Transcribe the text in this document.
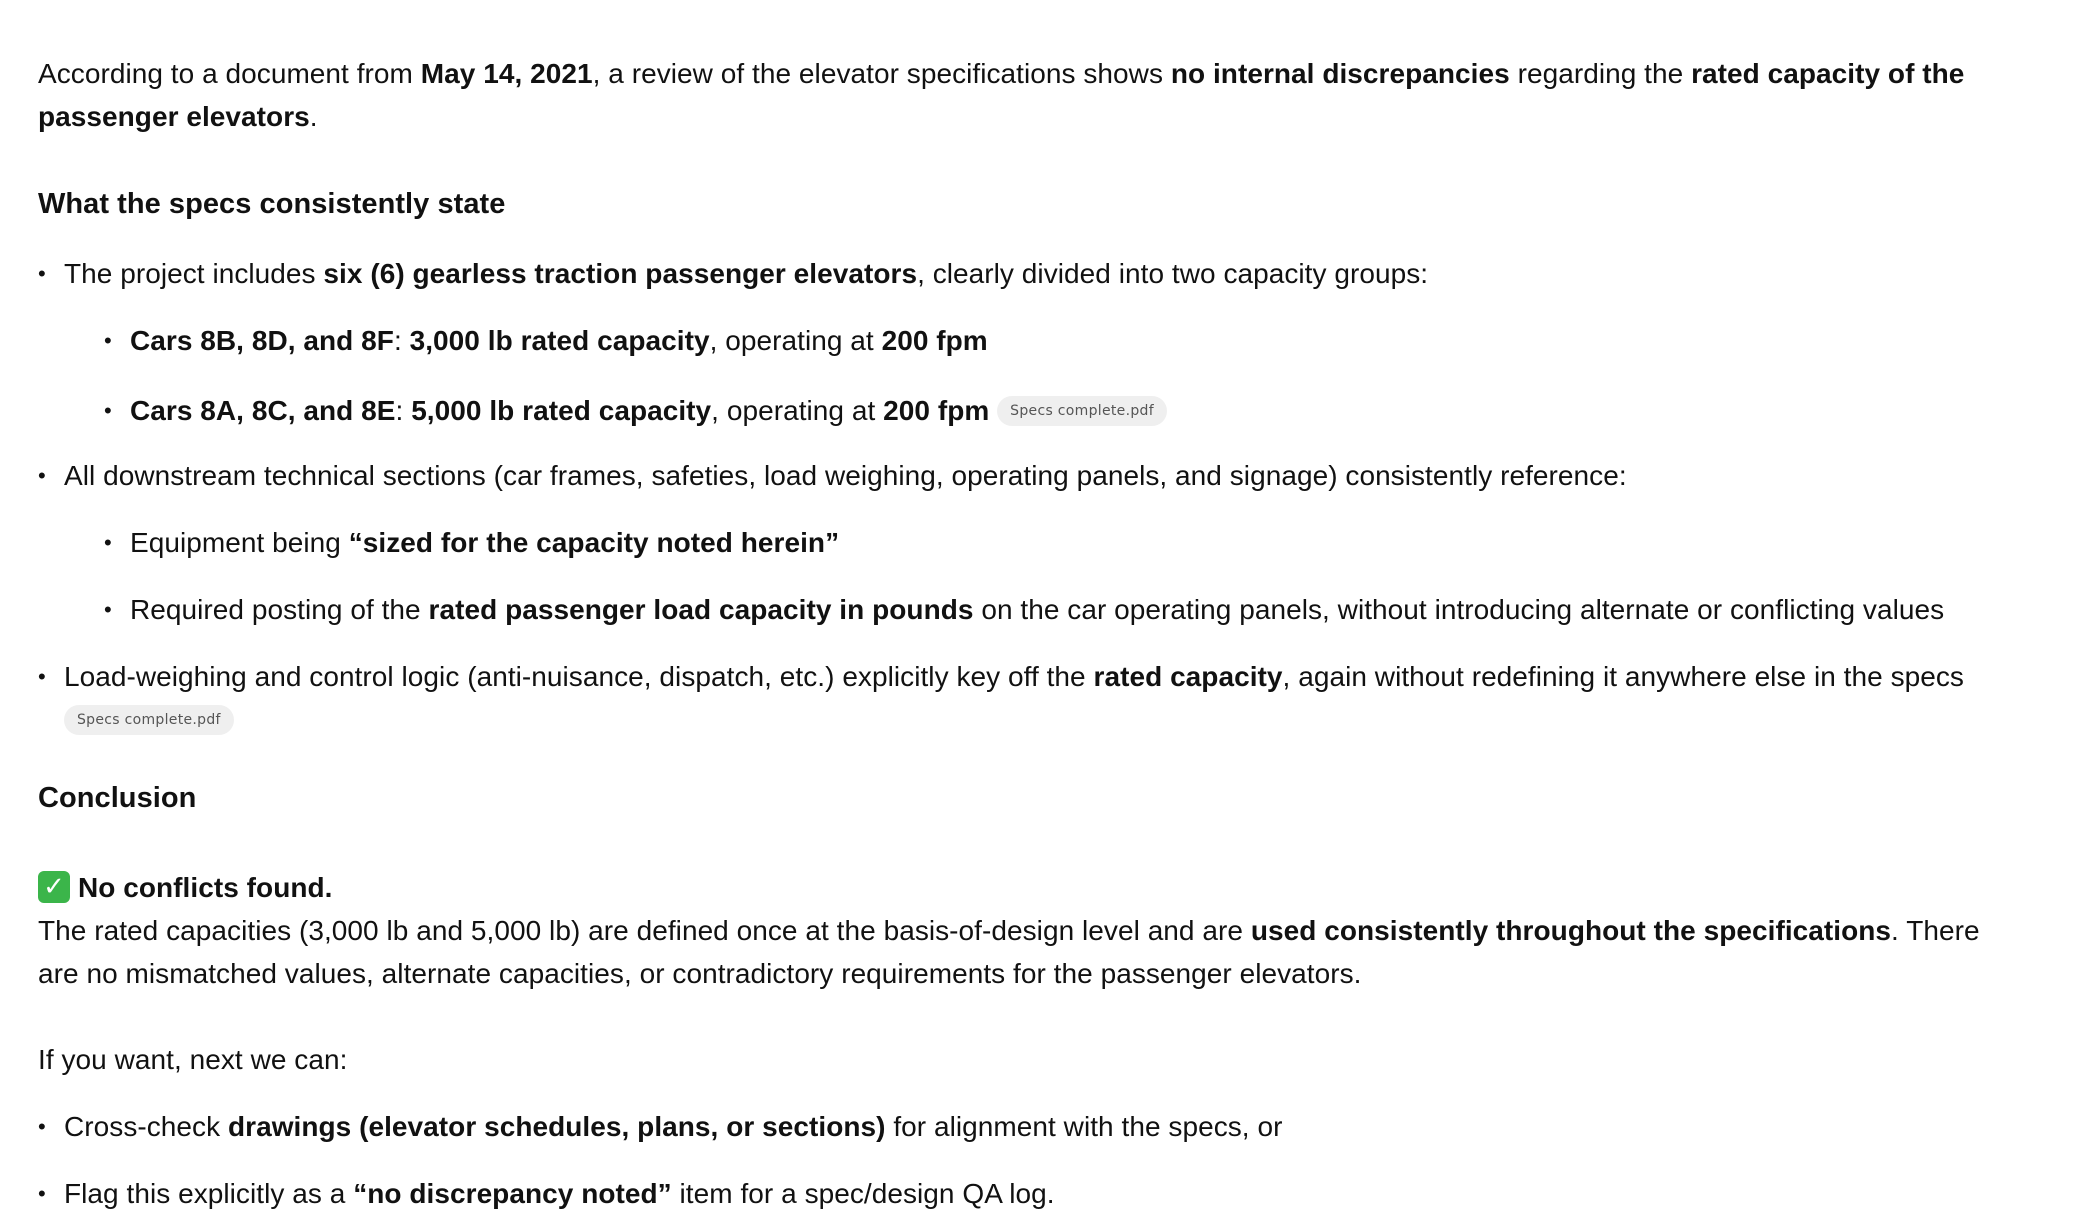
According to a document from May 14, 2021, a review of the elevator specifications shows no internal discrepancies regarding the rated capacity of the passenger elevators.

What the specs consistently state
• The project includes six (6) gearless traction passenger elevators, clearly divided into two capacity groups:
• Cars 8B, 8D, and 8F: 3,000 lb rated capacity, operating at 200 fpm
• Cars 8A, 8C, and 8E: 5,000 lb rated capacity, operating at 200 fpm Specs complete.pdf
• All downstream technical sections (car frames, safeties, load weighing, operating panels, and signage) consistently reference:
• Equipment being “sized for the capacity noted herein”
• Required posting of the rated passenger load capacity in pounds on the car operating panels, without introducing alternate or conflicting values
• Load-weighing and control logic (anti-nuisance, dispatch, etc.) explicitly key off the rated capacity, again without redefining it anywhere else in the specs
Specs complete.pdf
Conclusion

✓ No conflicts found.

The rated capacities (3,000 lb and 5,000 lb) are defined once at the basis-of-design level and are used consistently throughout the specifications. There are no mismatched values, alternate capacities, or contradictory requirements for the passenger elevators.

If you want, next we can:

• Cross-check drawings (elevator schedules, plans, or sections) for alignment with the specs, or
• Flag this explicitly as a “no discrepancy noted” item for a spec/design QA log.
